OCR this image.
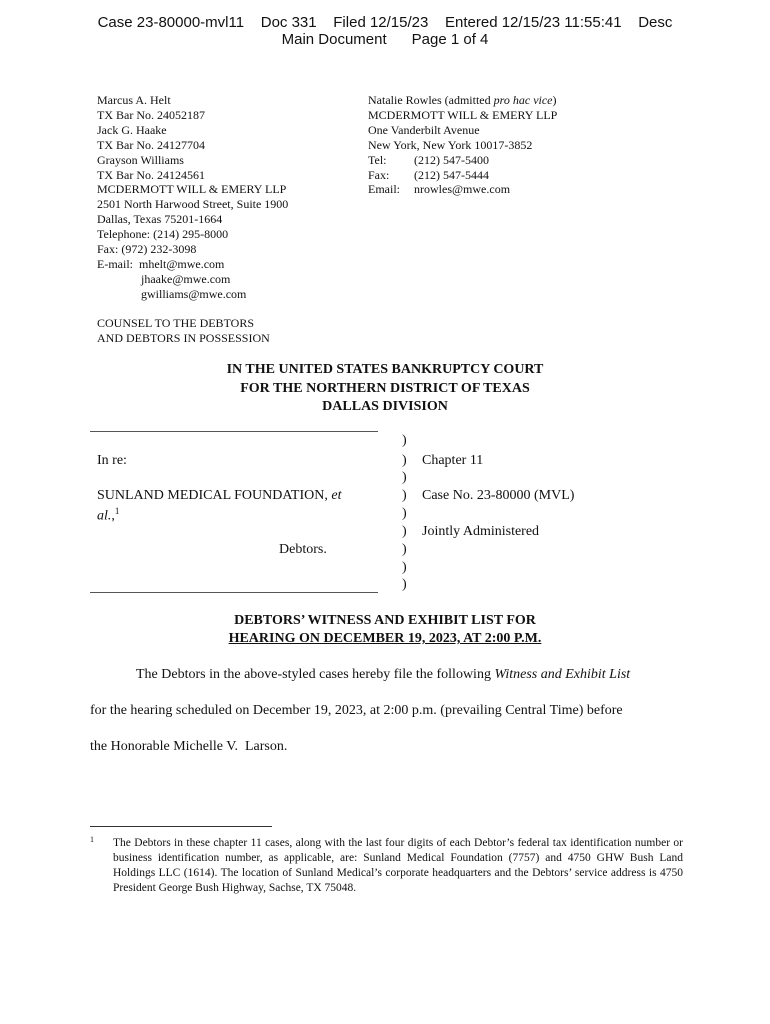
Case 23-80000-mvl11    Doc 331    Filed 12/15/23    Entered 12/15/23 11:55:41    Desc
Main Document      Page 1 of 4
Marcus A. Helt
TX Bar No. 24052187
Jack G. Haake
TX Bar No. 24127704
Grayson Williams
TX Bar No. 24124561
MCDERMOTT WILL & EMERY LLP
2501 North Harwood Street, Suite 1900
Dallas, Texas 75201-1664
Telephone: (214) 295-8000
Fax: (972) 232-3098
E-mail:  mhelt@mwe.com
jhaake@mwe.com
gwilliams@mwe.com
Natalie Rowles (admitted pro hac vice)
MCDERMOTT WILL & EMERY LLP
One Vanderbilt Avenue
New York, New York 10017-3852
Tel: (212) 547-5400
Fax: (212) 547-5444
Email: nrowles@mwe.com
COUNSEL TO THE DEBTORS
AND DEBTORS IN POSSESSION
IN THE UNITED STATES BANKRUPTCY COURT
FOR THE NORTHERN DISTRICT OF TEXAS
DALLAS DIVISION
In re:
SUNLAND MEDICAL FOUNDATION, et
al.,$^1$
Debtors.
)
)
)
)
)
)
)
)
)
Chapter 11
Case No. 23-80000 (MVL)
Jointly Administered
DEBTORS’ WITNESS AND EXHIBIT LIST FOR
HEARING ON DECEMBER 19, 2023, AT 2:00 P.M.
The Debtors in the above-styled cases hereby file the following Witness and Exhibit List
for the hearing scheduled on December 19, 2023, at 2:00 p.m. (prevailing Central Time) before
the Honorable Michelle V.  Larson.
1 The Debtors in these chapter 11 cases, along with the last four digits of each Debtor’s federal tax identification number or business identification number, as applicable, are: Sunland Medical Foundation (7757) and 4750 GHW Bush Land Holdings LLC (1614). The location of Sunland Medical’s corporate headquarters and the Debtors’ service address is 4750 President George Bush Highway, Sachse, TX 75048.
